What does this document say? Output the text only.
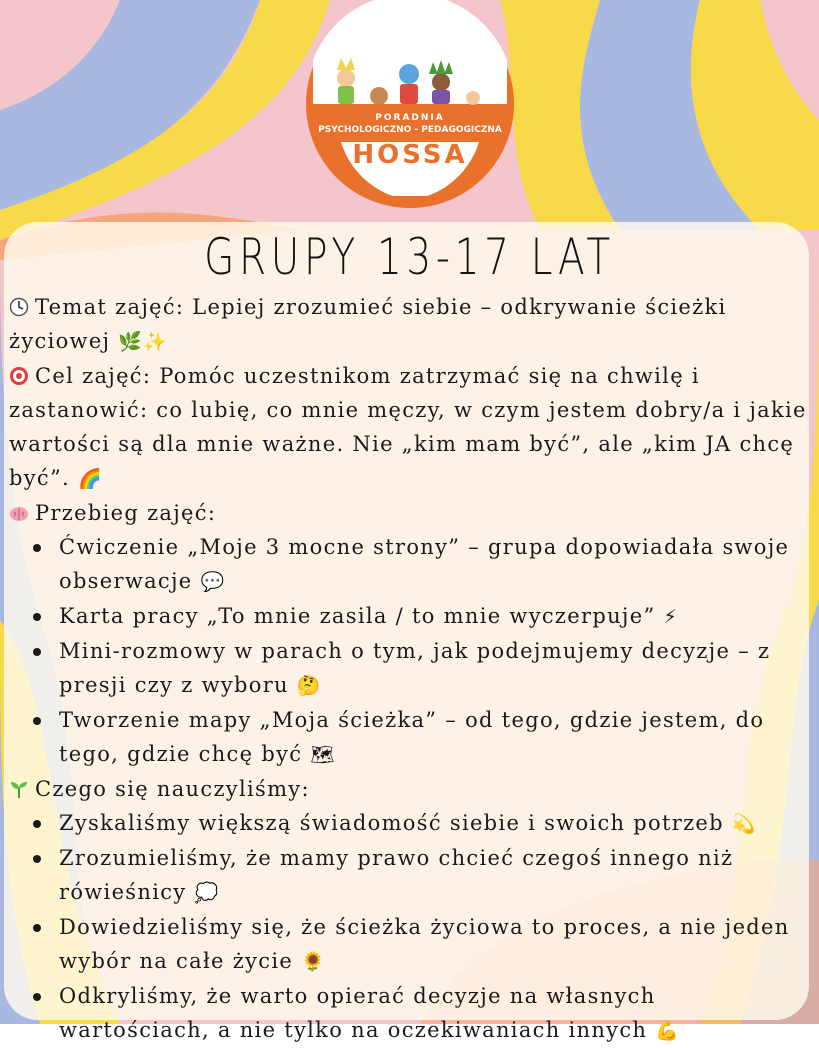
PORADNIA
PSYCHOLOGICZNO - PEDAGOGICZNA
HOSSA
GRUPY 13-17 LAT

Temat zajęć: Lepiej zrozumieć siebie – odkrywanie ścieżki życiowej 🌿✨

Cel zajęć: Pomóc uczestnikom zatrzymać się na chwilę i zastanowić: co lubię, co mnie męczy, w czym jestem dobry/a i jakie wartości są dla mnie ważne. Nie „kim mam być”, ale „kim JA chcę być”. 🌈

Przebieg zajęć:

Ćwiczenie „Moje 3 mocne strony” – grupa dopowiadała swoje obserwacje 💬
Karta pracy „To mnie zasila / to mnie wyczerpuje” ⚡
Mini-rozmowy w parach o tym, jak podejmujemy decyzje – z presji czy z wyboru 🤔
Tworzenie mapy „Moja ścieżka” – od tego, gdzie jestem, do tego, gdzie chcę być 🗺

Czego się nauczyliśmy:

Zyskaliśmy większą świadomość siebie i swoich potrzeb 💫
Zrozumieliśmy, że mamy prawo chcieć czegoś innego niż rówieśnicy 💭
Dowiedzieliśmy się, że ścieżka życiowa to proces, a nie jeden wybór na całe życie 🌻
Odkryliśmy, że warto opierać decyzje na własnych wartościach, a nie tylko na oczekiwaniach innych 💪
